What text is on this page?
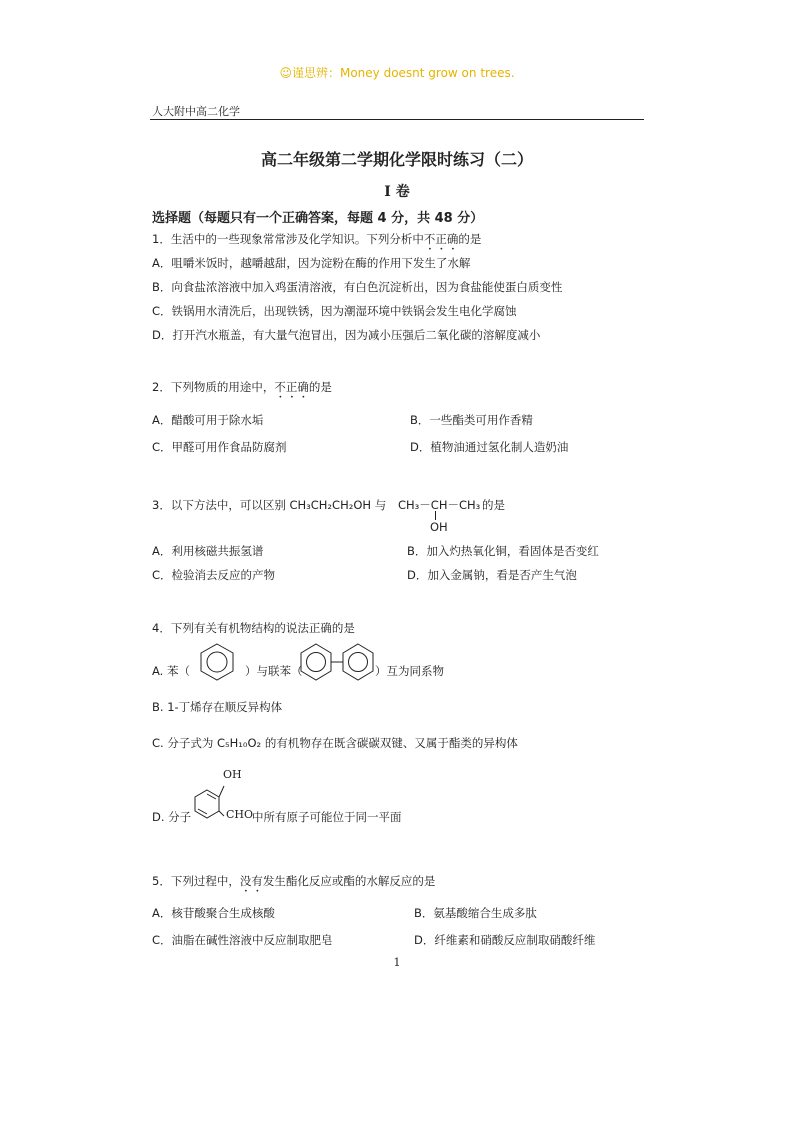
☺谨思辨：Money doesnt grow on trees.
人大附中高二化学
高二年级第二学期化学限时练习（二）
I 卷
选择题（每题只有一个正确答案，每题 4 分，共 48 分）
1．生活中的一些现象常常涉及化学知识。下列分析中不正确的是
A．咀嚼米饭时，越嚼越甜，因为淀粉在酶的作用下发生了水解
B．向食盐浓溶液中加入鸡蛋清溶液，有白色沉淀析出，因为食盐能使蛋白质变性
C．铁锅用水清洗后，出现铁锈，因为潮湿环境中铁锅会发生电化学腐蚀
D．打开汽水瓶盖，有大量气泡冒出，因为减小压强后二氧化碳的溶解度减小
2．下列物质的用途中，不正确的是
A．醋酸可用于除水垢	B．一些酯类可用作香精
C．甲醛可用作食品防腐剂	D．植物油通过氢化制人造奶油
3．以下方法中，可以区别 CH₃CH₂CH₂OH 与 CH₃－CH－CH₃
OH
的是
A．利用核磁共振氢谱	B．加入灼热氧化铜，看固体是否变红
C．检验消去反应的产物	D．加入金属钠，看是否产生气泡
4．下列有关有机物结构的说法正确的是
A. 苯（	）与联苯（	）互为同系物
B. 1-丁烯存在顺反异构体
C. 分子式为 C₅H₁₀O₂ 的有机物存在既含碳碳双键、又属于酯类的异构体
D. 分子
OH
CHO
中所有原子可能位于同一平面
5．下列过程中，没有发生酯化反应或酯的水解反应的是
A．核苷酸聚合生成核酸	B．氨基酸缩合生成多肽
C．油脂在碱性溶液中反应制取肥皂	D．纤维素和硝酸反应制取硝酸纤维
1
